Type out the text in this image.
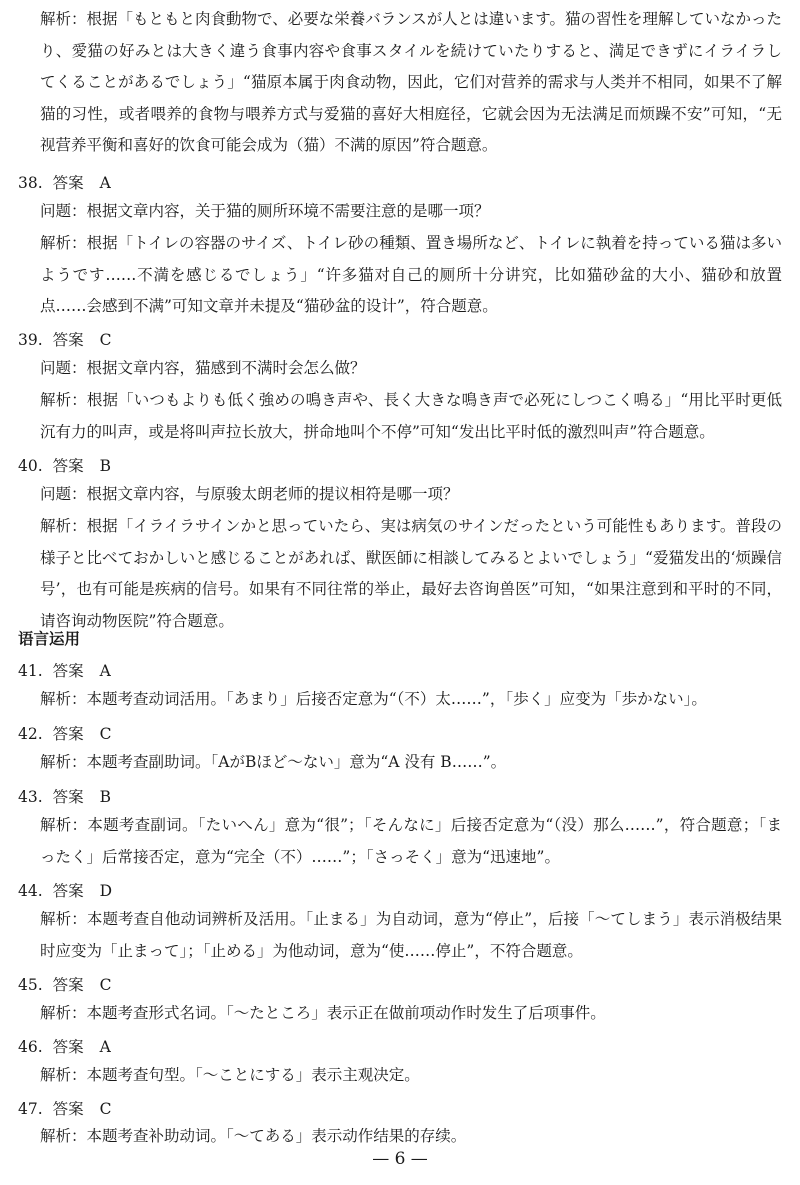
解析：根据「もともと肉食動物で、必要な栄養バランスが人とは違います。猫の習性を理解していなかったり、愛猫の好みとは大きく違う食事内容や食事スタイルを続けていたりすると、満足できずにイライラしてくることがあるでしょう」“猫原本属于肉食动物，因此，它们对营养的需求与人类并不相同，如果不了解猫的习性，或者喂养的食物与喂养方式与爱猫的喜好大相庭径，它就会因为无法满足而烦躁不安”可知，“无视营养平衡和喜好的饮食可能会成为（猫）不满的原因”符合题意。

38. 答案 A

问题：根据文章内容，关于猫的厕所环境不需要注意的是哪一项？

解析：根据「トイレの容器のサイズ、トイレ砂の種類、置き場所など、トイレに執着を持っている猫は多いようです……不満を感じるでしょう」“许多猫对自己的厕所十分讲究，比如猫砂盆的大小、猫砂和放置点……会感到不满”可知文章并未提及“猫砂盆的设计”，符合题意。

39. 答案 C

问题：根据文章内容，猫感到不满时会怎么做？

解析：根据「いつもよりも低く強めの鳴き声や、長く大きな鳴き声で必死にしつこく鳴る」“用比平时更低沉有力的叫声，或是将叫声拉长放大，拼命地叫个不停”可知“发出比平时低的激烈叫声”符合题意。

40. 答案 B

问题：根据文章内容，与原骏太朗老师的提议相符是哪一项？

解析：根据「イライラサインかと思っていたら、実は病気のサインだったという可能性もあります。普段の様子と比べておかしいと感じることがあれば、獣医師に相談してみるとよいでしょう」“爱猫发出的‘烦躁信号’，也有可能是疾病的信号。如果有不同往常的举止，最好去咨询兽医”可知，“如果注意到和平时的不同，请咨询动物医院”符合题意。

语言运用
41. 答案 A

解析：本题考查动词活用。「あまり」后接否定意为“（不）太……”，「歩く」应变为「歩かない」。

42. 答案 C

解析：本题考查副助词。「AがBほど～ない」意为“A 没有 B……”。

43. 答案 B

解析：本题考查副词。「たいへん」意为“很”；「そんなに」后接否定意为“（没）那么……”，符合题意；「まったく」后常接否定，意为“完全（不）……”；「さっそく」意为“迅速地”。

44. 答案 D

解析：本题考查自他动词辨析及活用。「止まる」为自动词，意为“停止”，后接「～てしまう」表示消极结果时应变为「止まって」；「止める」为他动词，意为“使……停止”，不符合题意。

45. 答案 C

解析：本题考查形式名词。「～たところ」表示正在做前项动作时发生了后项事件。

46. 答案 A

解析：本题考查句型。「～ことにする」表示主观决定。

47. 答案 C

解析：本题考查补助动词。「～てある」表示动作结果的存续。

— 6 —
